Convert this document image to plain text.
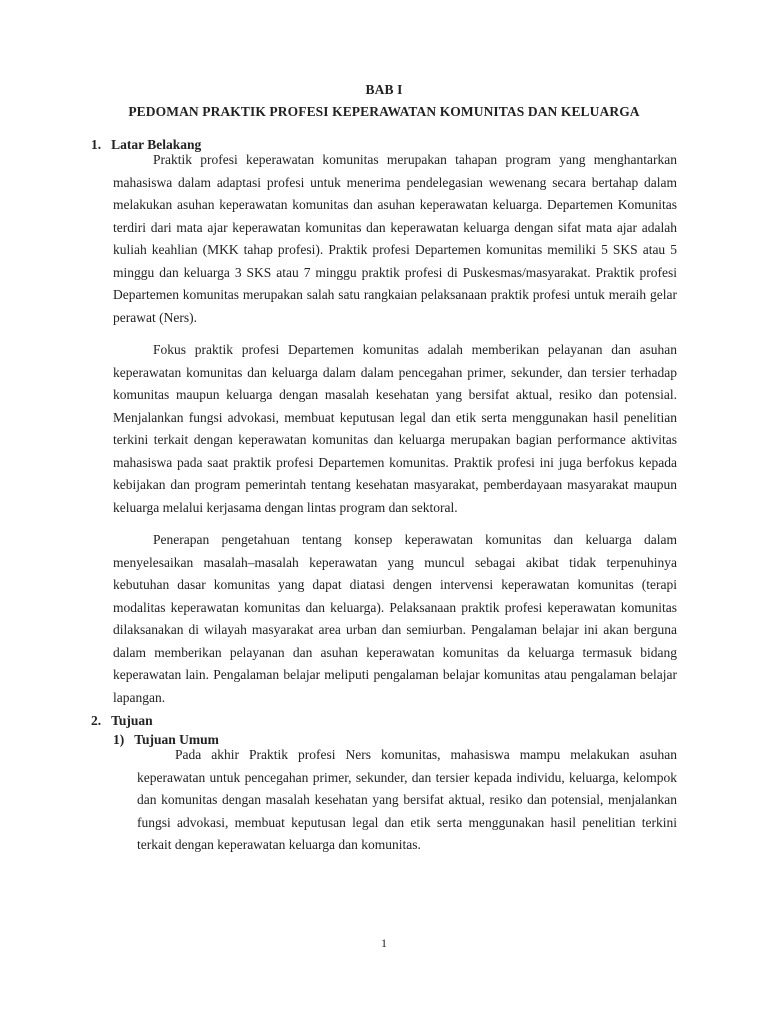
BAB I
PEDOMAN PRAKTIK PROFESI KEPERAWATAN KOMUNITAS DAN KELUARGA
1. Latar Belakang
Praktik profesi keperawatan komunitas merupakan tahapan program yang menghantarkan mahasiswa dalam adaptasi profesi untuk menerima pendelegasian wewenang secara bertahap dalam melakukan asuhan keperawatan komunitas dan asuhan keperawatan keluarga. Departemen Komunitas terdiri dari mata ajar keperawatan komunitas dan keperawatan keluarga dengan sifat mata ajar adalah kuliah keahlian (MKK tahap profesi). Praktik profesi Departemen komunitas memiliki 5 SKS atau 5 minggu dan keluarga 3 SKS atau 7 minggu praktik profesi di Puskesmas/masyarakat. Praktik profesi Departemen komunitas merupakan salah satu rangkaian pelaksanaan praktik profesi untuk meraih gelar perawat (Ners).
Fokus praktik profesi Departemen komunitas adalah memberikan pelayanan dan asuhan keperawatan komunitas dan keluarga dalam dalam pencegahan primer, sekunder, dan tersier terhadap komunitas maupun keluarga dengan masalah kesehatan yang bersifat aktual, resiko dan potensial. Menjalankan fungsi advokasi, membuat keputusan legal dan etik serta menggunakan hasil penelitian terkini terkait dengan keperawatan komunitas dan keluarga merupakan bagian performance aktivitas mahasiswa pada saat praktik profesi Departemen komunitas. Praktik profesi ini juga berfokus kepada kebijakan dan program pemerintah tentang kesehatan masyarakat, pemberdayaan masyarakat maupun keluarga melalui kerjasama dengan lintas program dan sektoral.
Penerapan pengetahuan tentang konsep keperawatan komunitas dan keluarga dalam menyelesaikan masalah–masalah keperawatan yang muncul sebagai akibat tidak terpenuhinya kebutuhan dasar komunitas yang dapat diatasi dengen intervensi keperawatan komunitas (terapi modalitas keperawatan komunitas dan keluarga). Pelaksanaan praktik profesi keperawatan komunitas dilaksanakan di wilayah masyarakat area urban dan semiurban. Pengalaman belajar ini akan berguna dalam memberikan pelayanan dan asuhan keperawatan komunitas da keluarga termasuk bidang keperawatan lain. Pengalaman belajar meliputi pengalaman belajar komunitas atau pengalaman belajar lapangan.
2. Tujuan
1) Tujuan Umum
Pada akhir Praktik profesi Ners komunitas, mahasiswa mampu melakukan asuhan keperawatan untuk pencegahan primer, sekunder, dan tersier kepada individu, keluarga, kelompok dan komunitas dengan masalah kesehatan yang bersifat aktual, resiko dan potensial, menjalankan fungsi advokasi, membuat keputusan legal dan etik serta menggunakan hasil penelitian terkini terkait dengan keperawatan keluarga dan komunitas.
1
